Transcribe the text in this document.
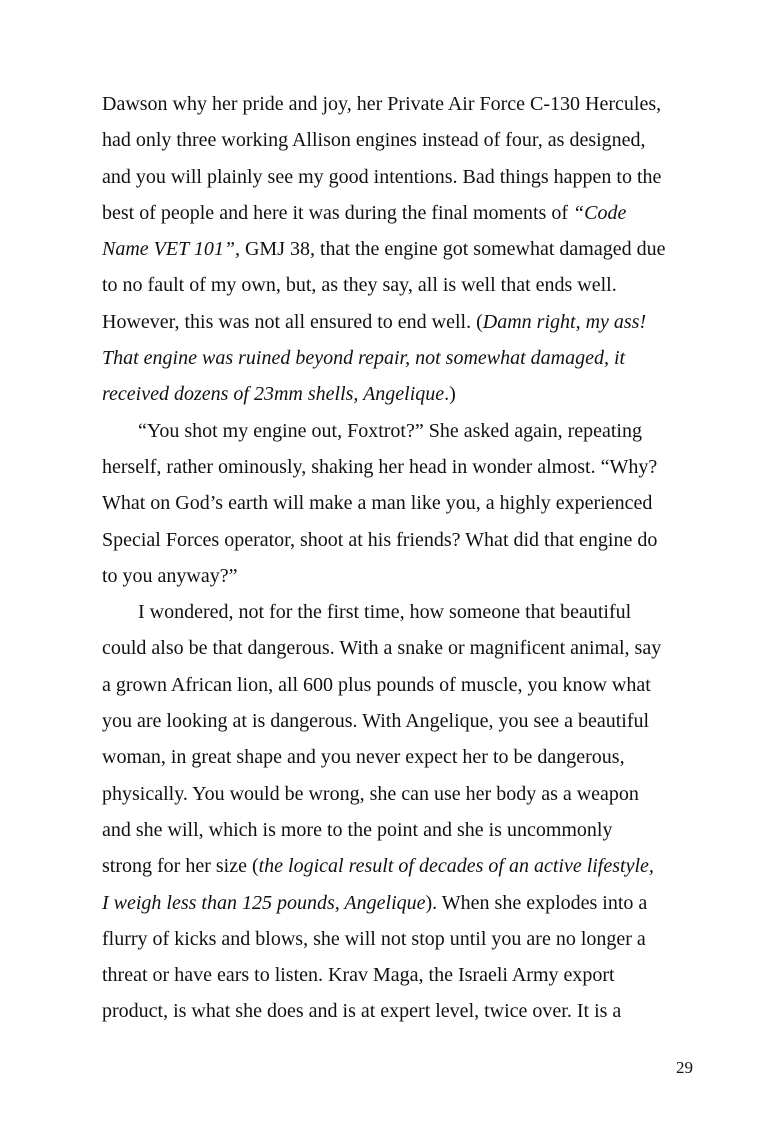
Dawson why her pride and joy, her Private Air Force C-130 Hercules,
had only three working Allison engines instead of four, as designed,
and you will plainly see my good intentions. Bad things happen to the
best of people and here it was during the final moments of “Code
Name VET 101”, GMJ 38, that the engine got somewhat damaged due
to no fault of my own, but, as they say, all is well that ends well.
However, this was not all ensured to end well. (Damn right, my ass!
That engine was ruined beyond repair, not somewhat damaged, it
received dozens of 23mm shells, Angelique.)
“You shot my engine out, Foxtrot?” She asked again, repeating
herself, rather ominously, shaking her head in wonder almost. “Why?
What on God’s earth will make a man like you, a highly experienced
Special Forces operator, shoot at his friends? What did that engine do
to you anyway?”
I wondered, not for the first time, how someone that beautiful
could also be that dangerous. With a snake or magnificent animal, say
a grown African lion, all 600 plus pounds of muscle, you know what
you are looking at is dangerous. With Angelique, you see a beautiful
woman, in great shape and you never expect her to be dangerous,
physically. You would be wrong, she can use her body as a weapon
and she will, which is more to the point and she is uncommonly
strong for her size (the logical result of decades of an active lifestyle,
I weigh less than 125 pounds, Angelique). When she explodes into a
flurry of kicks and blows, she will not stop until you are no longer a
threat or have ears to listen. Krav Maga, the Israeli Army export
product, is what she does and is at expert level, twice over. It is a
29
